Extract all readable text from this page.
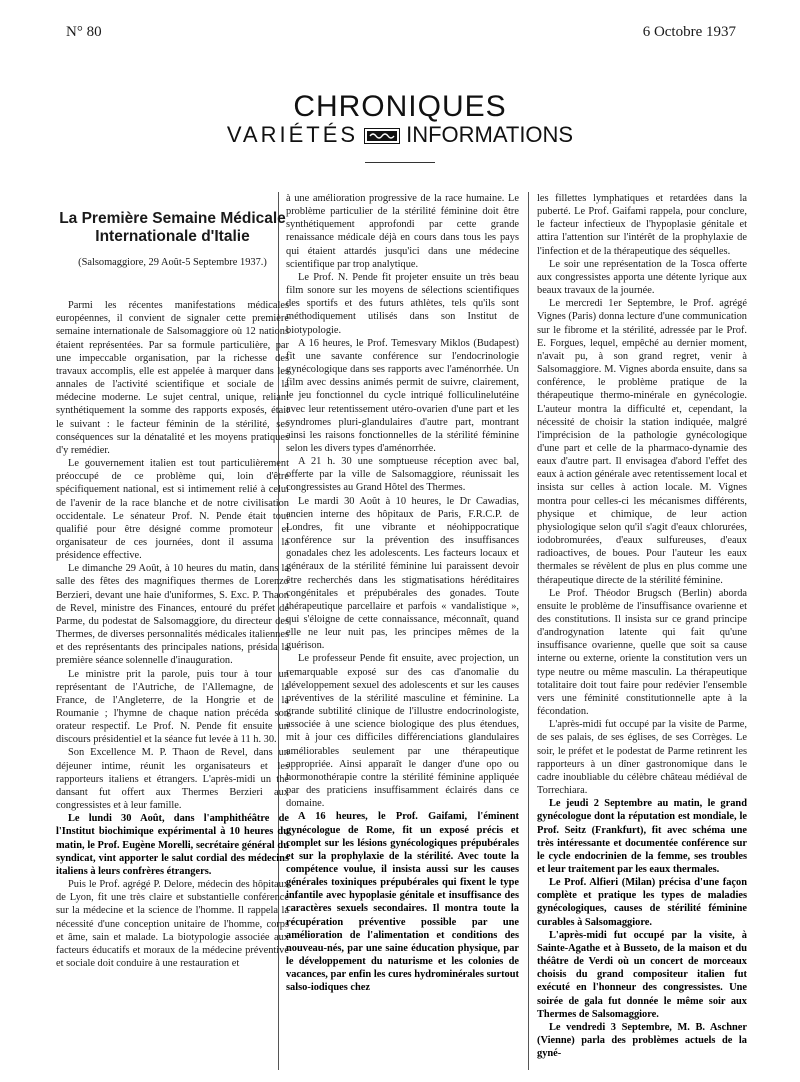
N° 80	6 Octobre 1937
CHRONIQUES
VARIÉTÉS INFORMATIONS

La Première Semaine Médicale Internationale d'Italie

(Salsomaggiore, 29 Août-5 Septembre 1937.)

Parmi les récentes manifestations médicales européennes, il convient de signaler cette première semaine internationale de Salsomaggiore où 12 nations étaient représentées. Par sa formule particulière, par une impeccable organisation, par la richesse des travaux accomplis, elle est appelée à marquer dans les annales de l'activité scientifique et sociale de la médecine moderne. Le sujet central, unique, reliant synthétiquement la somme des rapports exposés, était le suivant : le facteur féminin de la stérilité, ses conséquences sur la dénatalité et les moyens pratiques d'y remédier.

Le gouvernement italien est tout particulièrement préoccupé de ce problème qui, loin d'être spécifiquement national, est si intimement relié à celui de l'avenir de la race blanche et de notre civilisation occidentale. Le sénateur Prof. N. Pende était tout qualifié pour être désigné comme promoteur et organisateur de ces journées, dont il assuma la présidence effective.

Le dimanche 29 Août, à 10 heures du matin, dans la salle des fêtes des magnifiques thermes de Lorenzo Berzieri, devant une haie d'uniformes, S. Exc. P. Thaon de Revel, ministre des Finances, entouré du préfet de Parme, du podestat de Salsomaggiore, du directeur des Thermes, de diverses personnalités médicales italiennes et des représentants des principales nations, présida la première séance solennelle d'inauguration.

Le ministre prit la parole, puis tour à tour un représentant de l'Autriche, de l'Allemagne, de la France, de l'Angleterre, de la Hongrie et de la Roumanie ; l'hymne de chaque nation précéda son orateur respectif. Le Prof. N. Pende fit ensuite un discours présidentiel et la séance fut levée à 11 h. 30.

Son Excellence M. P. Thaon de Revel, dans un déjeuner intime, réunit les organisateurs et les rapporteurs italiens et étrangers. L'après-midi un thé dansant fut offert aux Thermes Berzieri aux congressistes et à leur famille.

Le lundi 30 Août, dans l'amphithéâtre de l'Institut biochimique expérimental à 10 heures du matin, le Prof. Eugène Morelli, secrétaire général du syndicat, vint apporter le salut cordial des médecins italiens à leurs confrères étrangers.

Puis le Prof. agrégé P. Delore, médecin des hôpitaux de Lyon, fit une très claire et substantielle conférence sur la médecine et la science de l'homme. Il rappela la nécessité d'une conception unitaire de l'homme, corps et âme, sain et malade. La biotypologie associée aux facteurs éducatifs et moraux de la médecine préventive et sociale doit conduire à une restauration et

à une amélioration progressive de la race humaine. Le problème particulier de la stérilité féminine doit être synthétiquement approfondi par cette grande renaissance médicale déjà en cours dans tous les pays qui étaient attardés jusqu'ici dans une médecine scientifique par trop analytique.

Le Prof. N. Pende fit projeter ensuite un très beau film sonore sur les moyens de sélections scientifiques des sportifs et des futurs athlètes, tels qu'ils sont méthodiquement utilisés dans son Institut de biotypologie.

A 16 heures, le Prof. Temesvary Miklos (Budapest) fit une savante conférence sur l'endocrinologie gynécologique dans ses rapports avec l'aménorrhée. Un film avec dessins animés permit de suivre, clairement, le jeu fonctionnel du cycle intriqué folliculinelutéine avec leur retentissement utéro-ovarien d'une part et les syndromes pluri-glandulaires d'autre part, montrant ainsi les raisons fonctionnelles de la stérilité féminine selon les divers types d'aménorrhée.

A 21 h. 30 une somptueuse réception avec bal, offerte par la ville de Salsomaggiore, réunissait les congressistes au Grand Hôtel des Thermes.

Le mardi 30 Août à 10 heures, le Dr Cawadias, ancien interne des hôpitaux de Paris, F.R.C.P. de Londres, fit une vibrante et néohippocratique conférence sur la prévention des insuffisances gonadales chez les adolescents. Les facteurs locaux et généraux de la stérilité féminine lui paraissent devoir être recherchés dans les stigmatisations héréditaires congénitales et prépubérales des gonades. Toute thérapeutique parcellaire et parfois « vandalistique », qui s'éloigne de cette connaissance, méconnaît, quand elle ne leur nuit pas, les principes mêmes de la guérison.

Le professeur Pende fit ensuite, avec projection, un remarquable exposé sur des cas d'anomalie du développement sexuel des adolescents et sur les causes préventives de la stérilité masculine et féminine. La grande subtilité clinique de l'illustre endocrinologiste, associée à une science biologique des plus étendues, mit à jour ces difficiles différenciations glandulaires améliorables seulement par une thérapeutique appropriée. Ainsi apparaît le danger d'une opo ou hormonothérapie contre la stérilité féminine appliquée par des praticiens insuffisamment éclairés dans ce domaine.

A 16 heures, le Prof. Gaifami, l'éminent gynécologue de Rome, fit un exposé précis et complet sur les lésions gynécologiques prépubérales et sur la prophylaxie de la stérilité. Avec toute la compétence voulue, il insista aussi sur les causes générales toxiniques prépubérales qui fixent le type infantile avec hypoplasie génitale et insuffisance des caractères sexuels secondaires. Il montra toute la récupération préventive possible par une amélioration de l'alimentation et conditions des nouveau-nés, par une saine éducation physique, par le développement du naturisme et les colonies de vacances, par enfin les cures hydrominérales surtout salso-iodiques chez

les fillettes lymphatiques et retardées dans la puberté. Le Prof. Gaifami rappela, pour conclure, le facteur infectieux de l'hypoplasie génitale et attira l'attention sur l'intérêt de la prophylaxie de l'infection et de la thérapeutique des séquelles.

Le soir une représentation de la Tosca offerte aux congressistes apporta une détente lyrique aux beaux travaux de la journée.

Le mercredi 1er Septembre, le Prof. agrégé Vignes (Paris) donna lecture d'une communication sur le fibrome et la stérilité, adressée par le Prof. E. Forgues, lequel, empêché au dernier moment, n'avait pu, à son grand regret, venir à Salsomaggiore. M. Vignes aborda ensuite, dans sa conférence, le problème pratique de la thérapeutique thermo-minérale en gynécologie. L'auteur montra la difficulté et, cependant, la nécessité de choisir la station indiquée, malgré l'imprécision de la pathologie gynécologique d'une part et celle de la pharmaco-dynamie des eaux d'autre part. Il envisagea d'abord l'effet des eaux à action générale avec retentissement local et insista sur celles à action locale. M. Vignes montra pour celles-ci les mécanismes différents, physique et chimique, de leur action physiologique selon qu'il s'agit d'eaux chlorurées, iodobromurées, d'eaux sulfureuses, d'eaux radioactives, de boues. Pour l'auteur les eaux thermales se révèlent de plus en plus comme une thérapeutique directe de la stérilité féminine.

Le Prof. Théodor Brugsch (Berlin) aborda ensuite le problème de l'insuffisance ovarienne et des constitutions. Il insista sur ce grand principe d'androgynation latente qui fait qu'une insuffisance ovarienne, quelle que soit sa cause interne ou externe, oriente la constitution vers un type neutre ou même masculin. La thérapeutique totalitaire doit tout faire pour redévier l'ensemble vers une féminité constitutionnelle apte à la fécondation.

L'après-midi fut occupé par la visite de Parme, de ses palais, de ses églises, de ses Corrèges. Le soir, le préfet et le podestat de Parme retinrent les rapporteurs à un dîner gastronomique dans le cadre inoubliable du célèbre château médiéval de Torrechiara.

Le jeudi 2 Septembre au matin, le grand gynécologue dont la réputation est mondiale, le Prof. Seitz (Frankfurt), fit avec schéma une très intéressante et documentée conférence sur le cycle endocrinien de la femme, ses troubles et leur traitement par les eaux thermales.

Le Prof. Alfieri (Milan) précisa d'une façon complète et pratique les types de maladies gynécologiques, causes de stérilité féminine curables à Salsomaggiore.

L'après-midi fut occupé par la visite, à Sainte-Agathe et à Busseto, de la maison et du théâtre de Verdi où un concert de morceaux choisis du grand compositeur italien fut exécuté en l'honneur des congressistes. Une soirée de gala fut donnée le même soir aux Thermes de Salsomaggiore.

Le vendredi 3 Septembre, M. B. Aschner (Vienne) parla des problèmes actuels de la gyné-
